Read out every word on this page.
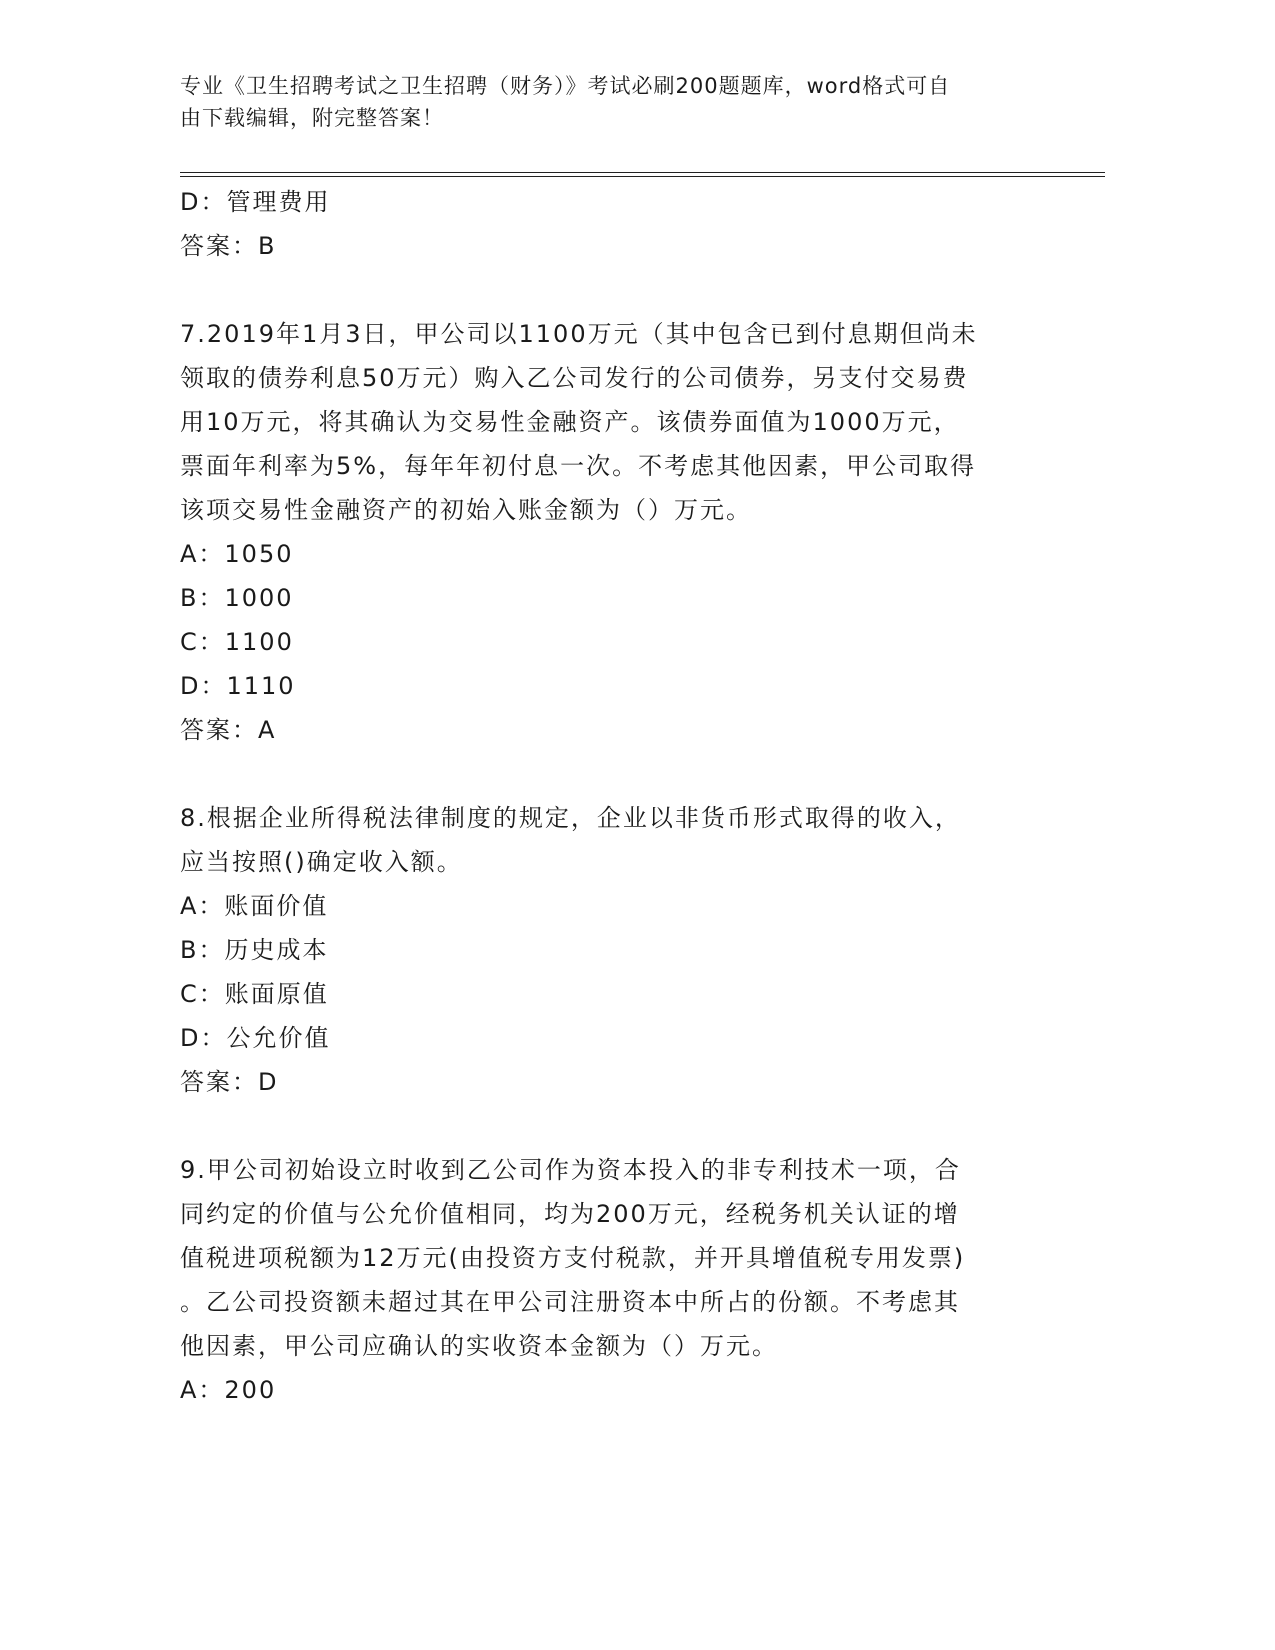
专业《卫生招聘考试之卫生招聘（财务）》考试必刷200题题库，word格式可自
由下载编辑，附完整答案！
D：管理费用
答案：B
7.2019年1月3日，甲公司以1100万元（其中包含已到付息期但尚未
领取的债券利息50万元）购入乙公司发行的公司债券，另支付交易费
用10万元，将其确认为交易性金融资产。该债券面值为1000万元，
票面年利率为5%，每年年初付息一次。不考虑其他因素，甲公司取得
该项交易性金融资产的初始入账金额为（）万元。
A：1050
B：1000
C：1100
D：1110
答案：A
8.根据企业所得税法律制度的规定，企业以非货币形式取得的收入，
应当按照()确定收入额。
A：账面价值
B：历史成本
C：账面原值
D：公允价值
答案：D
9.甲公司初始设立时收到乙公司作为资本投入的非专利技术一项，合
同约定的价值与公允价值相同，均为200万元，经税务机关认证的增
值税进项税额为12万元(由投资方支付税款，并开具增值税专用发票)
。乙公司投资额未超过其在甲公司注册资本中所占的份额。不考虑其
他因素，甲公司应确认的实收资本金额为（）万元。
A：200
